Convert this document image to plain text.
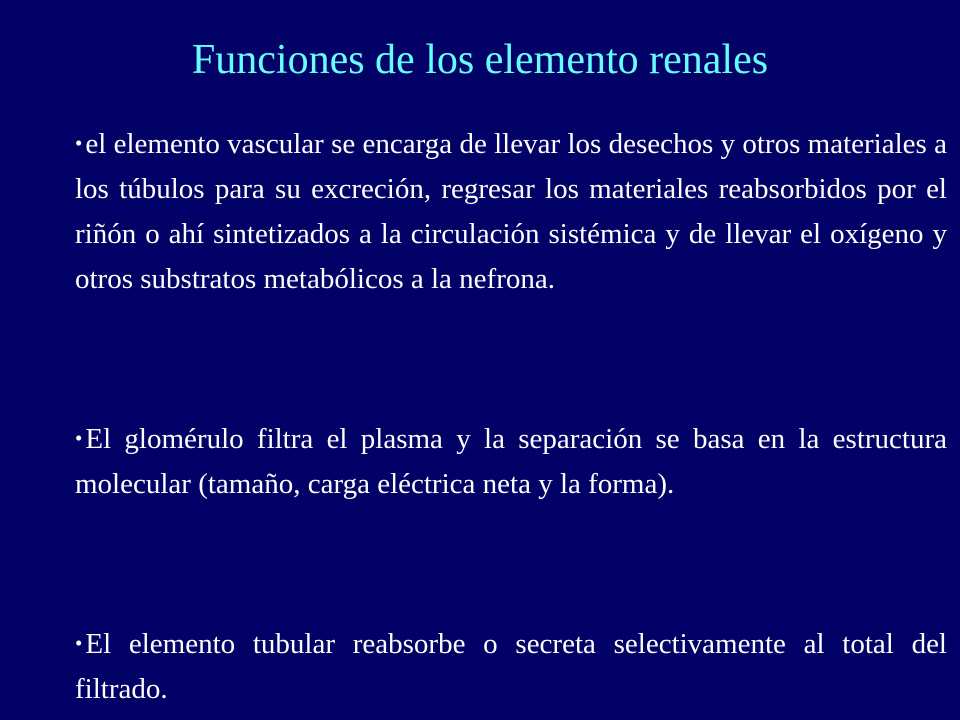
Funciones de los elemento renales

• el elemento vascular se encarga de llevar los desechos y otros materiales a los túbulos para su excreción, regresar los materiales reabsorbidos por el riñón o ahí sintetizados a la circulación sistémica y de llevar el oxígeno y otros substratos metabólicos a la nefrona.

• El glomérulo filtra el plasma y la separación se basa en la estructura molecular (tamaño, carga eléctrica neta y la forma).

• El elemento tubular reabsorbe o secreta selectivamente al total del filtrado.
